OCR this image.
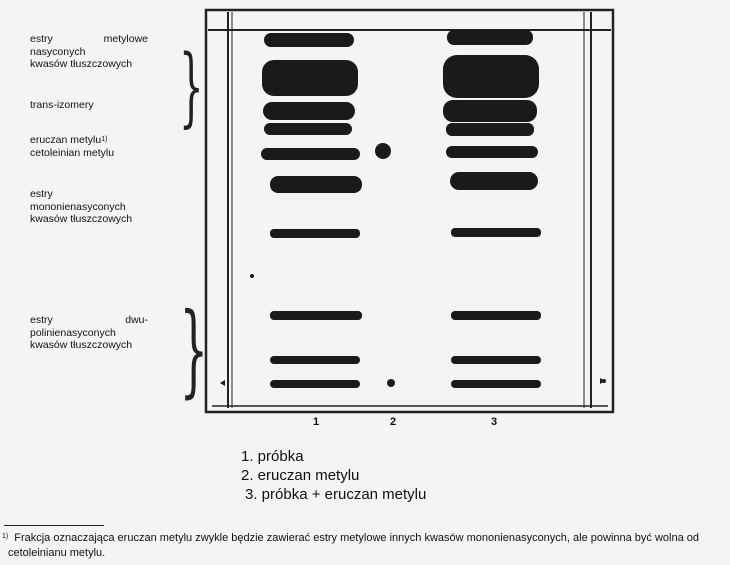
1	2	3
estry	metylowe
nasyconych
kwasów tłuszczowych }
trans-izomery
eruczan metylu$^{1)}$
cetoleinian metylu
estry
mononienasyconych
kwasów tłuszczowych
estry	dwu-
polinienasyconych
kwasów tłuszczowych }
1. próbka
2. eruczan metylu
3. próbka + eruczan metylu
$^{1)}$ Frakcja oznaczająca eruczan metylu zwykle będzie zawierać estry metylowe innych kwasów mononienasyconych, ale powinna być wolna od cetoleinianu metylu.
